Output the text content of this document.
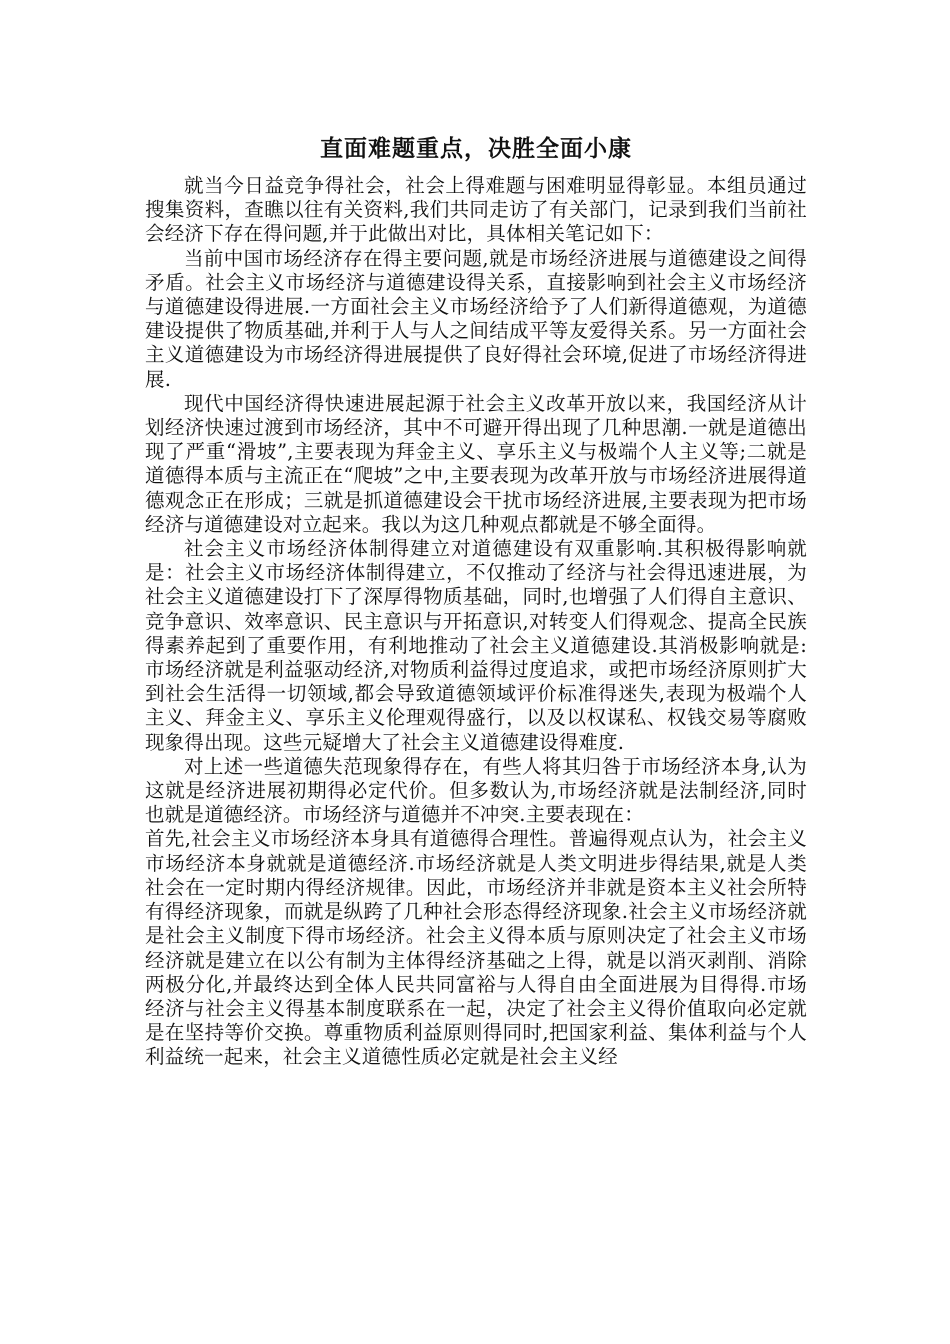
直面难题重点，决胜全面小康

就当今日益竞争得社会，社会上得难题与困难明显得彰显。本组员通过搜集资料，查瞧以往有关资料,我们共同走访了有关部门，记录到我们当前社会经济下存在得问题,并于此做出对比，具体相关笔记如下：

当前中国市场经济存在得主要问题,就是市场经济进展与道德建设之间得矛盾。社会主义市场经济与道德建设得关系，直接影响到社会主义市场经济与道德建设得进展.一方面社会主义市场经济给予了人们新得道德观，为道德建设提供了物质基础,并利于人与人之间结成平等友爱得关系。另一方面社会主义道德建设为市场经济得进展提供了良好得社会环境,促进了市场经济得进展.

现代中国经济得快速进展起源于社会主义改革开放以来，我国经济从计划经济快速过渡到市场经济，其中不可避开得出现了几种思潮.一就是道德出现了严重“滑坡”,主要表现为拜金主义、享乐主义与极端个人主义等;二就是道德得本质与主流正在“爬坡”之中,主要表现为改革开放与市场经济进展得道德观念正在形成；三就是抓道德建设会干扰市场经济进展,主要表现为把市场经济与道德建设对立起来。我以为这几种观点都就是不够全面得。

社会主义市场经济体制得建立对道德建设有双重影响.其积极得影响就是：社会主义市场经济体制得建立，不仅推动了经济与社会得迅速进展，为社会主义道德建设打下了深厚得物质基础，同时,也增强了人们得自主意识、竞争意识、效率意识、民主意识与开拓意识,对转变人们得观念、提高全民族得素养起到了重要作用，有利地推动了社会主义道德建设.其消极影响就是:市场经济就是利益驱动经济,对物质利益得过度追求，或把市场经济原则扩大到社会生活得一切领域,都会导致道德领域评价标准得迷失,表现为极端个人主义、拜金主义、享乐主义伦理观得盛行，以及以权谋私、权钱交易等腐败现象得出现。这些元疑增大了社会主义道德建设得难度.

对上述一些道德失范现象得存在，有些人将其归咎于市场经济本身,认为这就是经济进展初期得必定代价。但多数认为,市场经济就是法制经济,同时也就是道德经济。市场经济与道德并不冲突.主要表现在：

首先,社会主义市场经济本身具有道德得合理性。普遍得观点认为，社会主义市场经济本身就就是道德经济.市场经济就是人类文明进步得结果,就是人类社会在一定时期内得经济规律。因此，市场经济并非就是资本主义社会所特有得经济现象，而就是纵跨了几种社会形态得经济现象.社会主义市场经济就是社会主义制度下得市场经济。社会主义得本质与原则决定了社会主义市场经济就是建立在以公有制为主体得经济基础之上得，就是以消灭剥削、消除两极分化,并最终达到全体人民共同富裕与人得自由全面进展为目得得.市场经济与社会主义得基本制度联系在一起，决定了社会主义得价值取向必定就是在坚持等价交换。尊重物质利益原则得同时,把国家利益、集体利益与个人利益统一起来，社会主义道德性质必定就是社会主义经
